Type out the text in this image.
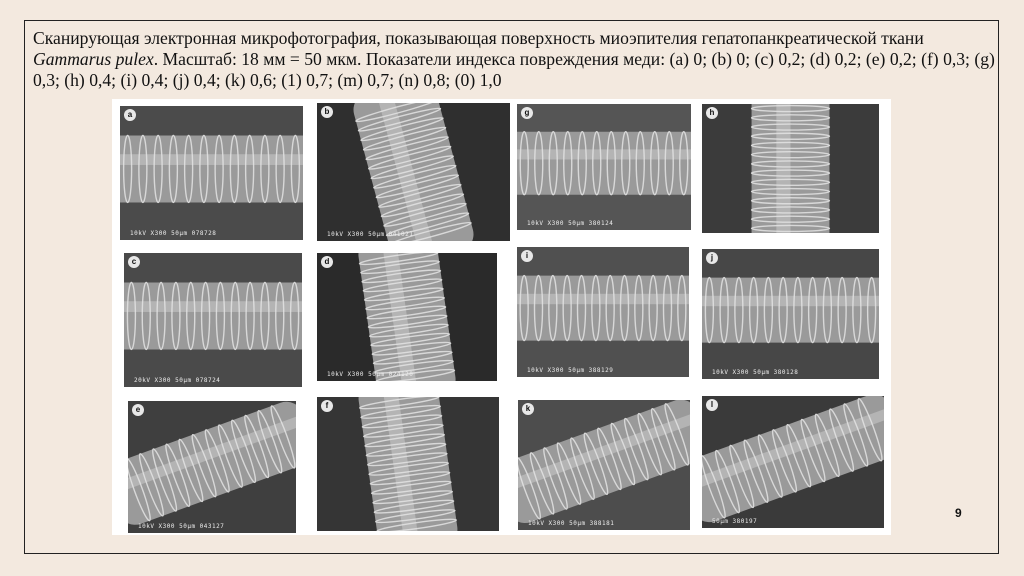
Сканирующая электронная микрофотография, показывающая поверхность миоэпителия гепатопанкреатической ткани Gammarus pulex. Масштаб: 18 мм = 50 мкм. Показатели индекса повреждения меди: (a) 0; (b) 0; (c) 0,2; (d) 0,2; (e) 0,2; (f) 0,3; (g) 0,3; (h) 0,4; (i) 0,4; (j) 0,4; (k) 0,6; (1) 0,7; (m) 0,7; (n) 0,8; (0) 1,0
a
10kV X300 50µm 078728
b
10kV X300 50µm 041021
g
10kV X300 50µm 380124
h
c
20kV X300 50µm 078724
d
10kV X300 50µm 024120
i
10kV X300 50µm 388129
j
10kV X300 50µm 380128
e
10kV X300 50µm 043127
f	k
10kV X300 50µm 388181
l
50µm 380197
9
